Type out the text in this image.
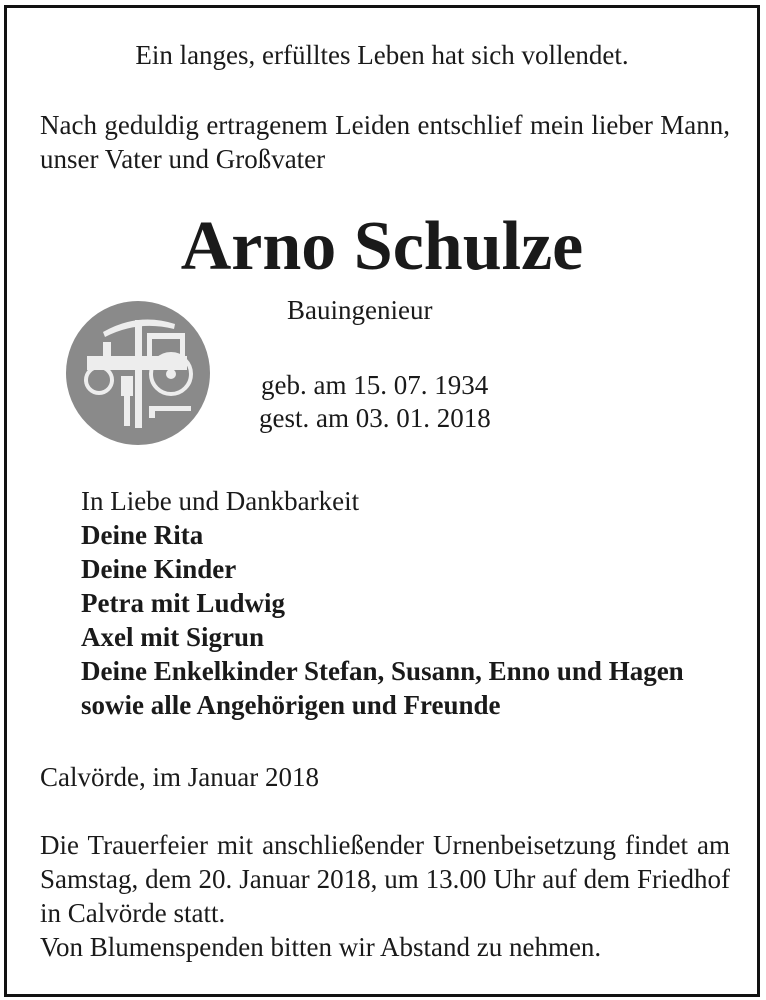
Ein langes, erfülltes Leben hat sich vollendet.
Nach geduldig ertragenem Leiden entschlief mein lieber Mann, unser Vater und Großvater
Arno Schulze
Bauingenieur
geb. am 15. 07. 1934
gest. am 03. 01. 2018
In Liebe und Dankbarkeit
Deine Rita
Deine Kinder
Petra mit Ludwig
Axel mit Sigrun
Deine Enkelkinder Stefan, Susann, Enno und Hagen
sowie alle Angehörigen und Freunde
Calvörde, im Januar 2018
Die Trauerfeier mit anschließender Urnenbeisetzung findet am Samstag, dem 20. Januar 2018, um 13.00 Uhr auf dem Friedhof in Calvörde statt.
Von Blumenspenden bitten wir Abstand zu nehmen.
